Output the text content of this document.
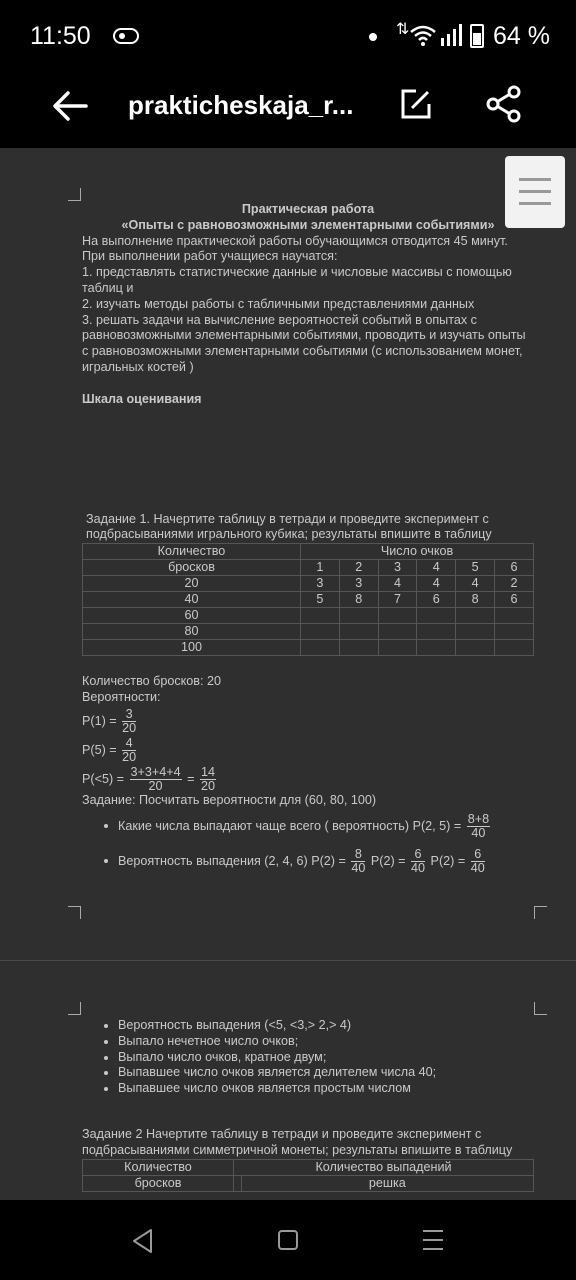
11:50	⇅	64 %
prakticheskaja_r...
Практическая работа
«Опыты с равновозможными элементарными событиями»

На выполнение практической работы обучающимся отводится 45 минут. При выполнении работ учащиеся научатся:

1. представлять статистические данные и числовые массивы с помощью таблиц и

2. изучать методы работы с табличными представлениями данных

3. решать задачи на вычисление вероятностей событий в опытах с равновозможными элементарными событиями, проводить и изучать опыты с равновозможными элементарными событиями (с использованием монет, игральных костей )

Шкала оценивания

Задание 1. Начертите таблицу в тетради и проведите эксперимент с подбрасываниями игрального кубика; результаты впишите в таблицу

Количество	Число очков					
бросков	1	2	3	4	5	6
20	3	3	4	4	4	2
40	5	8	7	6	8	6
60						
80						
100						

Количество бросков: 20

Вероятности:

$P(1) = \frac{3}{20}$
$P(5) = \frac{4}{20}$
$P(<5) = \frac{3+3+4+4}{20} = \frac{14}{20}$

Задание: Посчитать вероятности для (60, 80, 100)

• Какие числа выпадают чаще всего ( вероятность) P(2, $5) = \frac{8+8}{40}$
• Вероятность выпадения (2, 4, 6) $P(2) = \frac{8}{40} P(2) = \frac{6}{40} P(2) = \frac{6}{40}$
• Вероятность выпадения (<5, <3,> 2,> 4)
• Выпало нечетное число очков;
• Выпало число очков, кратное двум;
• Выпавшее число очков является делителем числа 40;
• Выпавшее число очков является простым числом

Задание 2 Начертите таблицу в тетради и проведите эксперимент с подбрасываниями симметричной монеты; результаты впишите в таблицу

Количество	Количество выпадений	
бросков		решка
